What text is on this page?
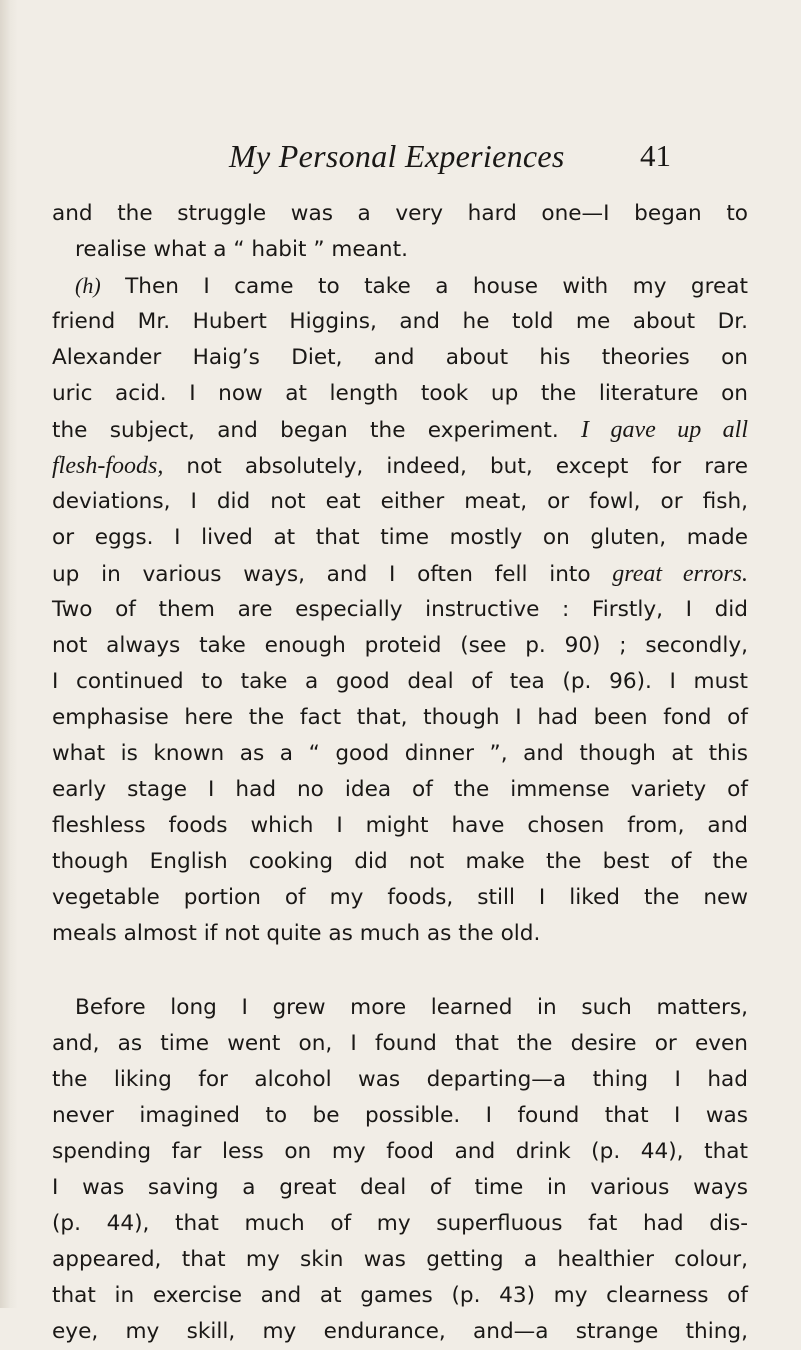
My Personal Experiences 41
and the struggle was a very hard one—I began to
realise what a “ habit ” meant.
(h) Then I came to take a house with my great
friend Mr. Hubert Higgins, and he told me about Dr.
Alexander Haig’s Diet, and about his theories on
uric acid. I now at length took up the literature on
the subject, and began the experiment. I gave up all
flesh-foods, not absolutely, indeed, but, except for rare
deviations, I did not eat either meat, or fowl, or fish,
or eggs. I lived at that time mostly on gluten, made
up in various ways, and I often fell into great errors.
Two of them are especially instructive : Firstly, I did
not always take enough proteid (see p. 90) ; secondly,
I continued to take a good deal of tea (p. 96). I must
emphasise here the fact that, though I had been fond of
what is known as a “ good dinner ”, and though at this
early stage I had no idea of the immense variety of
fleshless foods which I might have chosen from, and
though English cooking did not make the best of the
vegetable portion of my foods, still I liked the new
meals almost if not quite as much as the old.
Before long I grew more learned in such matters,
and, as time went on, I found that the desire or even
the liking for alcohol was departing—a thing I had
never imagined to be possible. I found that I was
spending far less on my food and drink (p. 44), that
I was saving a great deal of time in various ways
(p. 44), that much of my superfluous fat had dis-
appeared, that my skin was getting a healthier colour,
that in exercise and at games (p. 43) my clearness of
eye, my skill, my endurance, and—a strange thing,
